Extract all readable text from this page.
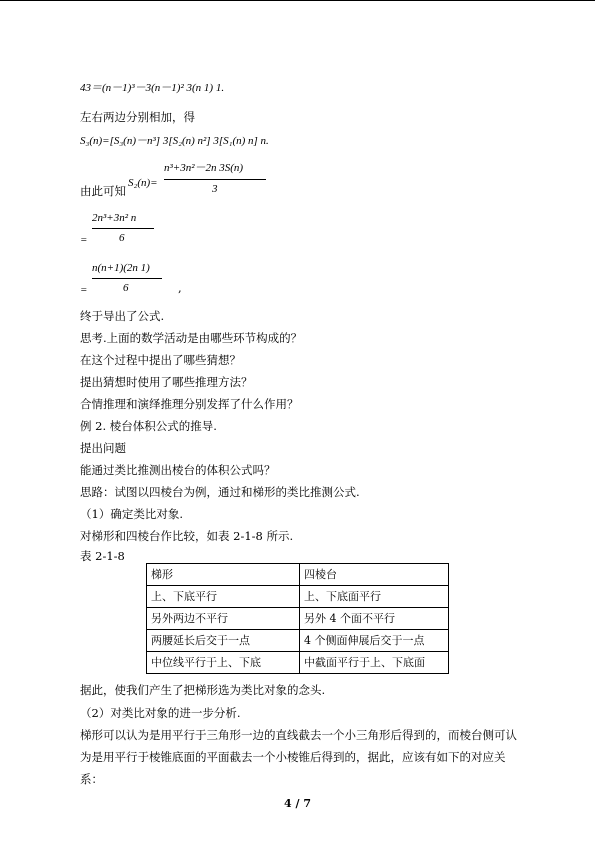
43＝(n－1)³－3(n－1)² 3(n 1) 1.
左右两边分别相加，得
S₃(n)=[S₃(n)－n³] 3[S₂(n) n²] 3[S₁(n) n] n.
由此可知
S₂(n)=
n³+3n²－2n 3S(n)
3
=
2n³+3n² n
6
=
n(n+1)(2n 1)
6	,
终于导出了公式.
思考.上面的数学活动是由哪些环节构成的？
在这个过程中提出了哪些猜想？
提出猜想时使用了哪些推理方法？
合情推理和演绎推理分别发挥了什么作用？
例 2. 棱台体积公式的推导.
提出问题
能通过类比推测出棱台的体积公式吗？
思路：试图以四棱台为例，通过和梯形的类比推测公式.
（1）确定类比对象.
对梯形和四棱台作比较，如表 2-1-8 所示.
表 2-1-8
梯形	四棱台
上、下底平行	上、下底面平行
另外两边不平行	另外 4 个面不平行
两腰延长后交于一点	4 个侧面伸展后交于一点
中位线平行于上、下底	中截面平行于上、下底面
据此，使我们产生了把梯形选为类比对象的念头.
（2）对类比对象的进一步分析.
梯形可以认为是用平行于三角形一边的直线截去一个小三角形后得到的，而棱台侧可认为是用平行于棱锥底面的平面截去一个小棱锥后得到的，据此，应该有如下的对应关系：
4 / 7
